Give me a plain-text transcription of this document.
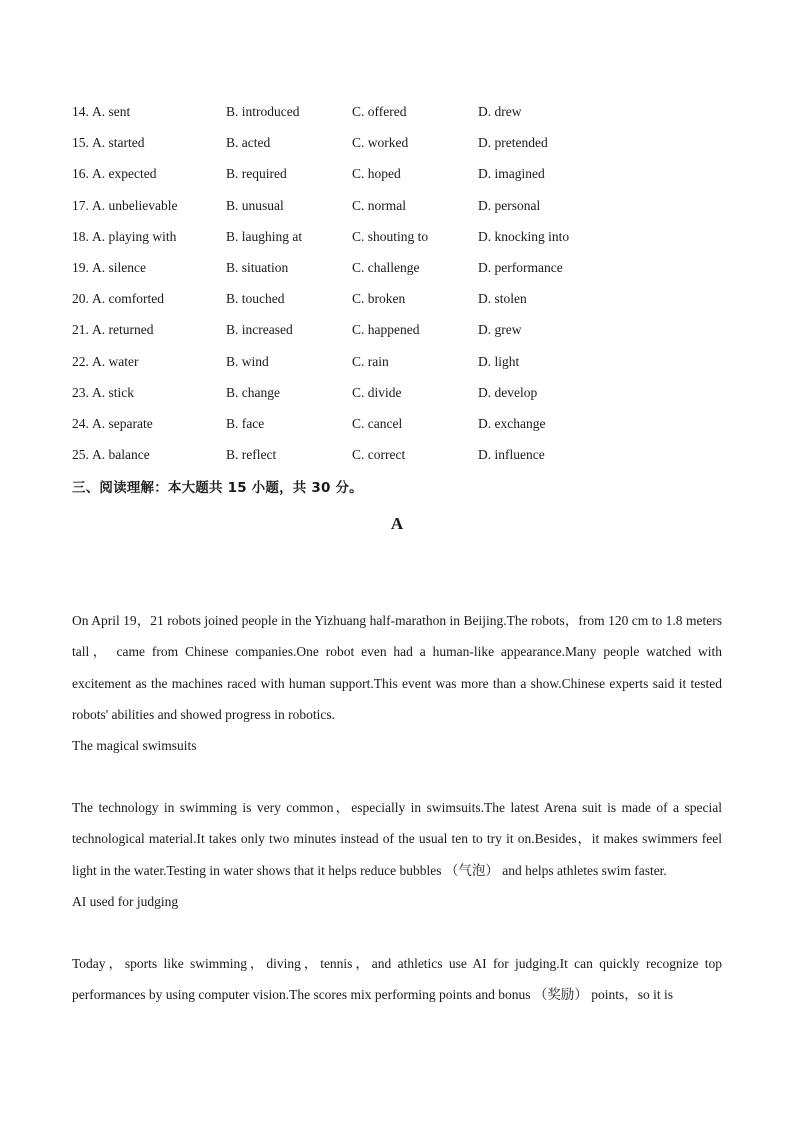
14. A. sent	B. introduced	C. offered	D. drew
15. A. started	B. acted	C. worked	D. pretended
16. A. expected	B. required	C. hoped	D. imagined
17. A. unbelievable	B. unusual	C. normal	D. personal
18. A. playing with	B. laughing at	C. shouting to	D. knocking into
19. A. silence	B. situation	C. challenge	D. performance
20. A. comforted	B. touched	C. broken	D. stolen
21. A. returned	B. increased	C. happened	D. grew
22. A. water	B. wind	C. rain	D. light
23. A. stick	B. change	C. divide	D. develop
24. A. separate	B. face	C. cancel	D. exchange
25. A. balance	B. reflect	C. correct	D. influence
三、阅读理解：本大题共 15 小题，共 30 分。
A

On April 19，21 robots joined people in the Yizhuang half-marathon in Beijing.The robots，from 120 cm to 1.8 meters tall， came from Chinese companies.One robot even had a human-like appearance.Many people watched with excitement as the machines raced with human support.This event was more than a show.Chinese experts said it tested robots' abilities and showed progress in robotics.

The magical swimsuits

The technology in swimming is very common，especially in swimsuits.The latest Arena suit is made of a special technological material.It takes only two minutes instead of the usual ten to try it on.Besides，it makes swimmers feel light in the water.Testing in water shows that it helps reduce bubbles （气泡） and helps athletes swim faster.

AI used for judging

Today，sports like swimming，diving，tennis，and athletics use AI for judging.It can quickly recognize top performances by using computer vision.The scores mix performing points and bonus （奖励） points，so it is
